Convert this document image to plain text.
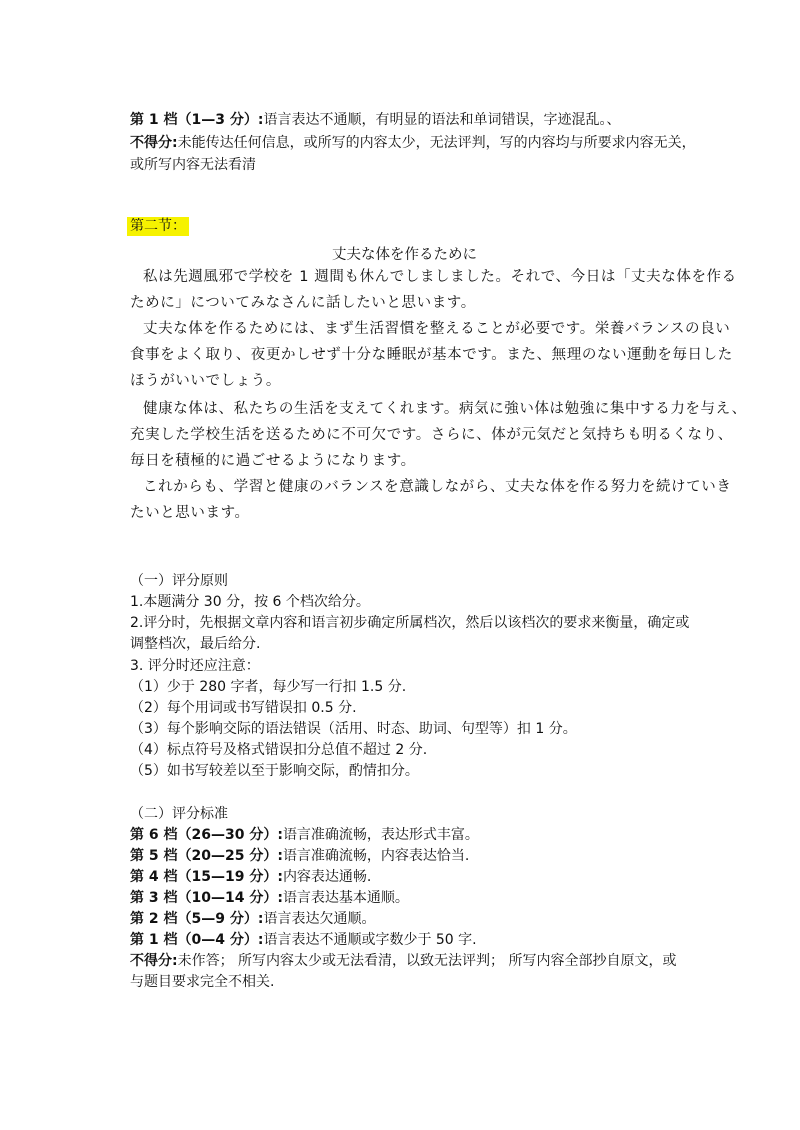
第 1 档（1—3 分）:语言表达不通顺，有明显的语法和单词错误，字迹混乱。、
不得分:未能传达任何信息，或所写的内容太少，无法评判，写的内容均与所要求内容无关，
或所写内容无法看清
第二节：
丈夫な体を作るために
私は先週風邪で学校を 1 週間も休んでしましました。それで、今日は「丈夫な体を作る
ために」についてみなさんに話したいと思います。
丈夫な体を作るためには、まず生活習慣を整えることが必要です。栄養バランスの良い
食事をよく取り、夜更かしせず十分な睡眠が基本です。また、無理のない運動を毎日した
ほうがいいでしょう。
健康な体は、私たちの生活を支えてくれます。病気に強い体は勉強に集中する力を与え、
充実した学校生活を送るために不可欠です。さらに、体が元気だと気持ちも明るくなり、
毎日を積極的に過ごせるようになります。
これからも、学習と健康のバランスを意識しながら、丈夫な体を作る努力を続けていき
たいと思います。
（一）评分原则
1.本题满分 30 分，按 6 个档次给分。
2.评分时，先根据文章内容和语言初步确定所属档次，然后以该档次的要求来衡量，确定或
调整档次，最后给分.
3. 评分时还应注意：
（1）少于 280 字者，每少写一行扣 1.5 分.
（2）每个用词或书写错误扣 0.5 分.
（3）每个影响交际的语法错误（活用、时态、助词、句型等）扣 1 分。
（4）标点符号及格式错误扣分总值不超过 2 分.
（5）如书写较差以至于影响交际，酌情扣分。
（二）评分标准
第 6 档（26—30 分）:语言准确流畅，表达形式丰富。
第 5 档（20—25 分）:语言准确流畅，内容表达恰当.
第 4 档（15—19 分）:内容表达通畅.
第 3 档（10—14 分）:语言表达基本通顺。
第 2 档（5—9 分）:语言表达欠通顺。
第 1 档（0—4 分）:语言表达不通顺或字数少于 50 字.
不得分:未作答； 所写内容太少或无法看清，以致无法评判； 所写内容全部抄自原文，或
与题目要求完全不相关.
